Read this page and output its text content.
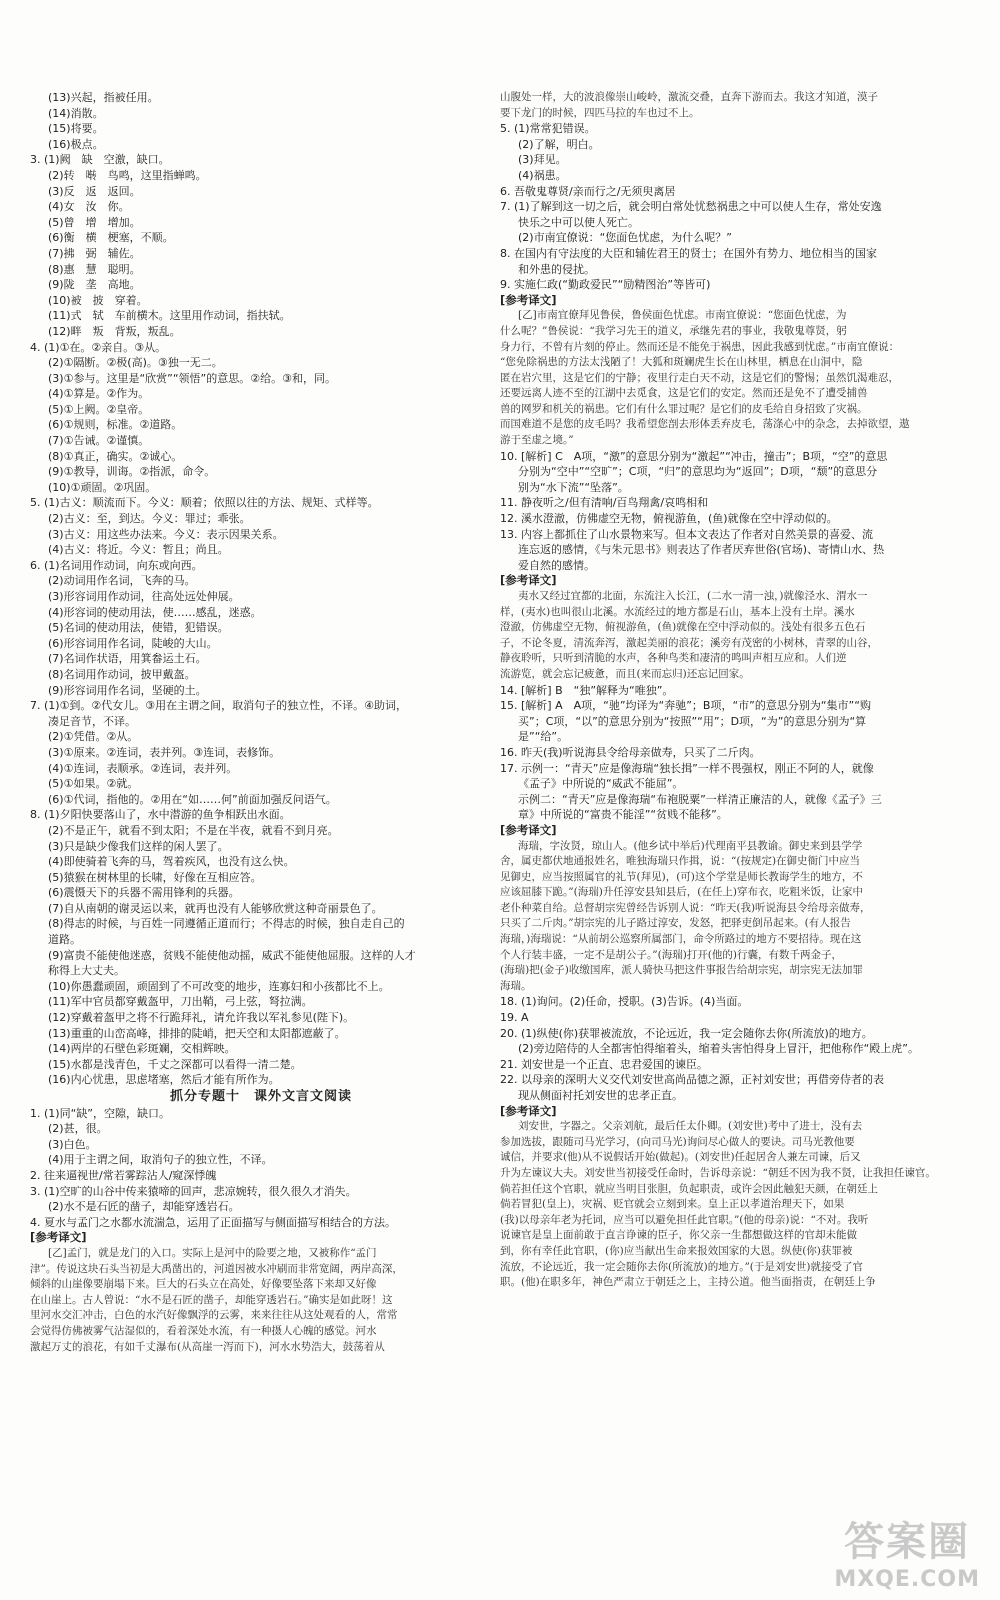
(13)兴起，指被任用。
(14)消散。
(15)将要。
(16)极点。
3. (1)阙　缺　空激，缺口。
(2)转　啭　鸟鸣，这里指蝉鸣。
(3)反　返　返回。
(4)女　汝　你。
(5)曾　增　增加。
(6)衡　横　梗塞，不顺。
(7)拂　弼　辅佐。
(8)惠　慧　聪明。
(9)陇　垄　高地。
(10)被　披　穿着。
(11)式　轼　车前横木。这里用作动词，指扶轼。
(12)畔　叛　背叛，叛乱。
4. (1)①在。②亲自。③从。
(2)①隔断。②极(高)。③独一无二。
(3)①参与。这里是“欣赏”“领悟”的意思。②给。③和，同。
(4)①算是。②作为。
(5)①上阙。②皇帝。
(6)①规则，标准。②道路。
(7)①告诫。②谨慎。
(8)①真正，确实。②诚心。
(9)①教导，训诲。②指派，命令。
(10)①顽固。②巩固。
5. (1)古义：顺流而下。今义：顺着；依照以往的方法、规矩、式样等。
(2)古义：至，到达。今义：罪过；乖张。
(3)古义：用这些办法来。今义：表示因果关系。
(4)古义：将近。今义：暂且；尚且。
6. (1)名词用作动词，向东或向西。
(2)动词用作名词，飞奔的马。
(3)形容词用作动词，往高处远处伸展。
(4)形容词的使动用法，使……感乱，迷惑。
(5)名词的使动用法，使错，犯错误。
(6)形容词用作名词，陡峻的大山。
(7)名词作状语，用箕畚运土石。
(8)名词用作动词，披甲戴盔。
(9)形容词用作名词，坚硬的土。
7. (1)①到。②代女儿。③用在主谓之间，取消句子的独立性，不译。④助词，
凑足音节，不译。
(2)①凭借。②从。
(3)①原来。②连词，表并列。③连词，表修饰。
(4)①连词，表顺承。②连词，表并列。
(5)①如果。②就。
(6)①代词，指他的。②用在“如……何”前面加强反问语气。
8. (1)夕阳快要落山了，水中潜游的鱼争相跃出水面。
(2)不是正午，就看不到太阳；不是在半夜，就看不到月亮。
(3)只是缺少像我们这样的闲人罢了。
(4)即使骑着飞奔的马，驾着疾风，也没有这么快。
(5)猿猴在树林里的长啸，好像在互相应答。
(6)震慑天下的兵器不需用锋利的兵器。
(7)自从南朝的谢灵运以来，就再也没有人能够欣赏这种奇丽景色了。
(8)得志的时候，与百姓一同遵循正道而行；不得志的时候，独自走自己的
道路。
(9)富贵不能使他迷惑，贫贱不能使他动摇，威武不能使他屈服。这样的人才
称得上大丈夫。
(10)你愚蠢顽固，顽固到了不可改变的地步，连寡妇和小孩都比不上。
(11)军中官员都穿戴盔甲，刀出鞘，弓上弦，弩拉满。
(12)穿戴着盔甲之将不行跪拜礼，请允许我以军礼参见(陛下)。
(13)重重的山峦高峰，排排的陡峭，把天空和太阳都遮蔽了。
(14)两岸的石壁色彩斑斓，交相辉映。
(15)水都是浅青色，千丈之深都可以看得一清二楚。
(16)内心忧患，思虑堵塞，然后才能有所作为。
抓分专题十　课外文言文阅读
1. (1)同“缺”，空隙，缺口。
(2)甚，很。
(3)白色。
(4)用于主谓之间，取消句子的独立性，不译。
2. 往来逼视世/常若雾踪沾人/窥深悸魄
3. (1)空旷的山谷中传来猿啼的回声，悲凉婉转，很久很久才消失。
(2)水不是石匠的凿子，却能穿透岩石。
4. 夏水与孟门之水都水流湍急，运用了正面描写与侧面描写相结合的方法。
[参考译文]
[乙]孟门，就是龙门的入口。实际上是河中的险要之地，又被称作“孟门
津”。传说这块石头当初是大禹凿出的，河道因被水冲刷而非常宽阔，两岸高深，
倾斜的山崖像要崩塌下来。巨大的石头立在高处，好像要坠落下来却又好像
在山崖上。古人曾说：“水不是石匠的凿子，却能穿透岩石。”确实是如此呀！这
里河水交汇冲击，白色的水汽好像飘浮的云雾，来来往往从这处观看的人，常常
会觉得仿佛被雾气沾湿似的，看着深处水流，有一种摄人心魄的感觉。河水
激起万丈的浪花，有如千丈瀑布(从高崖一泻而下)，河水水势浩大，鼓荡着从
山腹处一样，大的波浪像崇山峻岭，激流交叠，直奔下游而去。我这才知道，漠子
要下龙门的时候，四匹马拉的车也过不上。
5. (1)常常犯错误。
(2)了解，明白。
(3)拜见。
(4)祸患。
6. 吾敬鬼尊贤/亲而行之/无须臾离居
7. (1)了解到这一切之后，就会明白常处忧愁祸患之中可以使人生存，常处安逸
快乐之中可以使人死亡。
(2)市南宜僚说：“您面色忧虑，为什么呢？”
8. 在国内有守法度的大臣和辅佐君王的贤士；在国外有势力、地位相当的国家
和外患的侵扰。
9. 实施仁政(“勤政爱民”“励精图治”等皆可)
[参考译文]
[乙]市南宜僚拜见鲁侯，鲁侯面色忧虑。市南宜僚说：“您面色忧虑，为
什么呢？”鲁侯说：“我学习先王的道义，承继先君的事业，我敬鬼尊贤，躬
身力行，不曾有片刻的停止。然而还是不能免于祸患，因此我感到忧虑。”市南宜僚说：
“您免除祸患的方法太浅陋了！大狐和斑斓虎生长在山林里，栖息在山洞中，隐
匿在岩穴里，这是它们的宁静；夜里行走白天不动，这是它们的警惕；虽然饥渴难忍，
还要远离人迹不至的江湖中去觅食，这是它们的安定。然而还是免不了遭受捕兽
兽的网罗和机关的祸患。它们有什么罪过呢？是它们的皮毛给自身招致了灾祸。
而国难道不是您的皮毛吗？我希望您剖去形体丢弃皮毛，荡涤心中的杂念，去掉欲望，遨
游于至虚之境。”
10. [解析] C　A项，“激”的意思分别为“激起”“冲击，撞击”；B项，“空”的意思
分别为“空中”“空旷”；C项，“归”的意思均为“返回”；D项，“颓”的意思分
别为“水下流”“坠落”。
11. 静夜听之/但有清响/百鸟翔禽/哀鸣相和
12. 溪水澄澈，仿佛虚空无物，俯视游鱼，(鱼)就像在空中浮动似的。
13. 内容上都抓住了山水景物来写。但本文表达了作者对自然美景的喜爱、流
连忘返的感情，《与朱元思书》则表达了作者厌弃世俗(官场)、寄情山水、热
爱自然的感情。
[参考译文]
夷水又经过宜都的北面，东流注入长江，(二水一清一浊，)就像泾水、渭水一
样，(夷水)也叫很山北溪。水流经过的地方都是石山，基本上没有土岸。溪水
澄澈，仿佛虚空无物，俯视游鱼，(鱼)就像在空中浮动似的。浅处有很多五色石
子，不论冬夏，清流奔泻，激起美丽的浪花；溪旁有茂密的小树林，青翠的山谷，
静夜聆听，只听到清脆的水声，各种鸟类和凄清的鸣叫声相互应和。人们逆
流游览，就会忘记疲惫，而且(来而忘归)还忘记回家。
14. [解析] B　“独”解释为“唯独”。
15. [解析] A　A项，“驰”均译为“奔驰”；B项，“市”的意思分别为“集市”“购
买”；C项，“以”的意思分别为“按照”“用”；D项，“为”的意思分别为“算
是”“给”。
16. 昨天(我)听说海县令给母亲做寿，只买了二斤肉。
17. 示例一：“青天”应是像海瑞“独长揖”一样不畏强权，刚正不阿的人，就像
《孟子》中所说的“威武不能屈”。
示例二：“青天”应是像海瑞“布袍脱粟”一样清正廉洁的人，就像《孟子》三
章》中所说的“富贵不能淫”“贫贱不能移”。
[参考译文]
海瑞，字汝贤，琼山人。(他乡试中举后)代理南平县教谕。御史来到县学学
舍，属吏都伏地通报姓名，唯独海瑞只作揖，说：“(按规定)在御史衙门中应当
见御史，应当按照属官的礼节(拜见)，(可)这个学堂是师长教诲学生的地方，不
应该屈膝下跪。”(海瑞)升任淳安县知县后，(在任上)穿布衣，吃粗米饭，让家中
老仆种菜自给。总督胡宗宪曾经告诉别人说：“昨天(我)听说海县令给母亲做寿，
只买了二斤肉。”胡宗宪的儿子路过淳安，发怒，把驿吏倒吊起来。(有人报告
海瑞，)海瑞说：“从前胡公巡察所属部门，命令所路过的地方不要招待。现在这
个人行装丰盛，一定不是胡公子。”(海瑞)打开(他的)行囊，有数千两金子，
(海瑞)把(金子)收缴国库，派人骑快马把这件事报告给胡宗宪，胡宗宪无法加罪
海瑞。
18. (1)询问。(2)任命，授职。(3)告诉。(4)当面。
19. A
20. (1)纵使(你)获罪被流放，不论远近，我一定会随你去你(所流放)的地方。
(2)旁边陪侍的人全都害怕得缩着头，缩着头害怕得身上冒汗，把他称作“殿上虎”。
21. 刘安世是一个正直、忠君爱国的谏臣。
22. 以母亲的深明大义交代刘安世高尚品德之源，正衬刘安世；再借旁侍者的表
现从侧面衬托刘安世的忠孝正直。
[参考译文]
刘安世，字器之。父亲刘航，最后任太仆卿。(刘安世)考中了进士，没有去
参加选拔，跟随司马光学习，(向司马光)询问尽心做人的要诀。司马光教他要
诚信，并要求(他)从不说假话开始(做起)。(刘安世)任起居舍人兼左司谏，后又
升为左谏议大夫。刘安世当初接受任命时，告诉母亲说：“朝廷不因为我不贤，让我担任谏官。
倘若担任这个官职，就应当明目张胆，负起职责，或许会因此触犯天颜，在朝廷上
倘若冒犯(皇上)，灾祸、贬官就会立刻到来。皇上正以孝道治理天下，如果
(我)以母亲年老为托词，应当可以避免担任此官职。”(他的母亲)说：“不对。我听
说谏官是皇上面前敢于直言诤谏的臣子，你父亲一生都想做这样的官却未能做
到，你有幸任此官职，(你)应当献出生命来报效国家的大恩。纵使(你)获罪被
流放，不论远近，我一定会随你去你(所流放)的地方。”(于是刘安世)就接受了官
职。(他)在职多年，神色严肃立于朝廷之上，主持公道。他当面指责，在朝廷上争
答案圈
MXQE.COM
